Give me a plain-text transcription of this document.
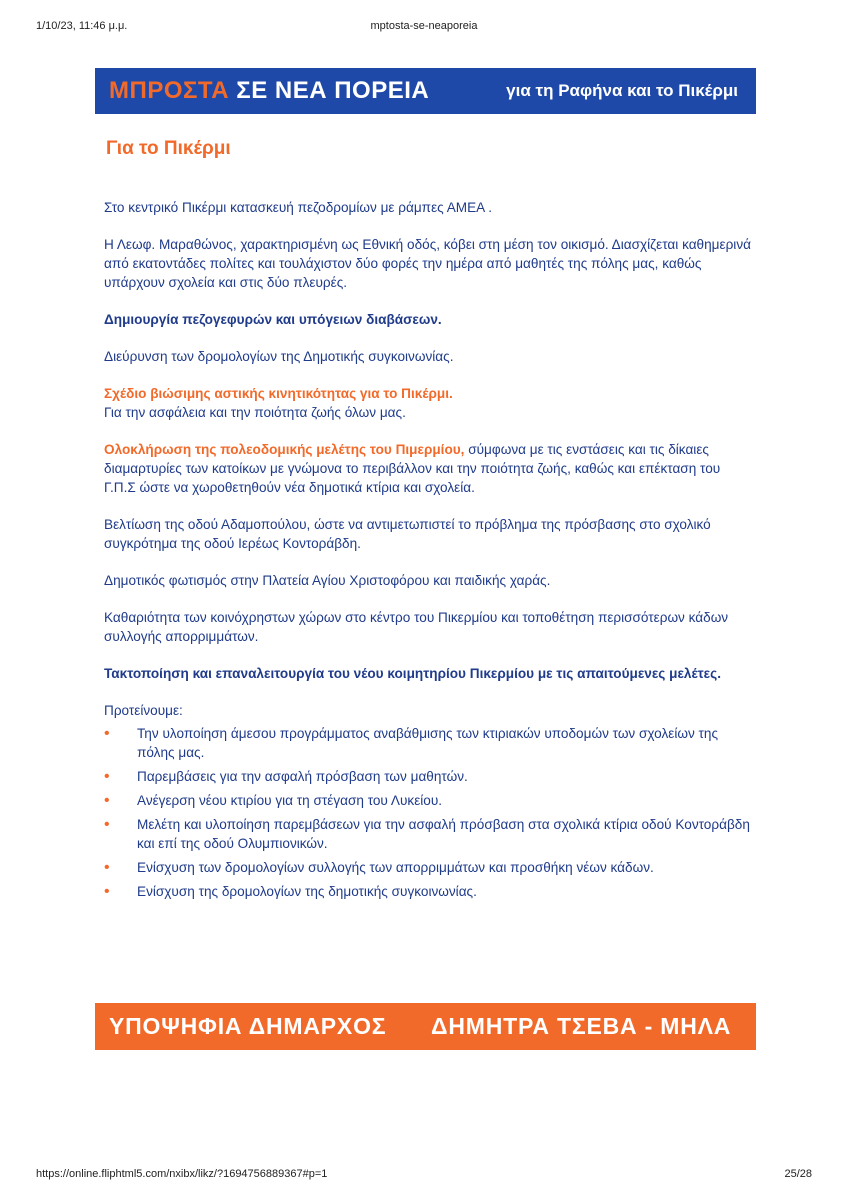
1/10/23, 11:46 μ.μ.	mptosta-se-neaporeia
ΜΠΡΟΣΤΑ ΣΕ ΝΕΑ ΠΟΡΕΙΑ	για τη Ραφήνα και το Πικέρμι
Για το Πικέρμι

Στο κεντρικό Πικέρμι κατασκευή πεζοδρομίων με ράμπες ΑΜΕΑ .

Η Λεωφ. Μαραθώνος, χαρακτηρισμένη ως Εθνική οδός, κόβει στη μέση τον οικισμό. Διασχίζεται καθημερινά από εκατοντάδες πολίτες και τουλάχιστον δύο φορές την ημέρα από μαθητές της πόλης μας, καθώς υπάρχουν σχολεία και στις δύο πλευρές.

Δημιουργία πεζογεφυρών και υπόγειων διαβάσεων.

Διεύρυνση των δρομολογίων της Δημοτικής συγκοινωνίας.

Σχέδιο βιώσιμης αστικής κινητικότητας για το Πικέρμι.
Για την ασφάλεια και την ποιότητα ζωής όλων μας.

Ολοκλήρωση της πολεοδομικής μελέτης του Πιμερμίου, σύμφωνα με τις ενστάσεις και τις δίκαιες διαμαρτυρίες των κατοίκων με γνώμονα το περιβάλλον και την ποιότητα ζωής, καθώς και επέκταση του Γ.Π.Σ ώστε να χωροθετηθούν νέα δημοτικά κτίρια και σχολεία.

Βελτίωση της οδού Αδαμοπούλου, ώστε να αντιμετωπιστεί το πρόβλημα της πρόσβασης στο σχολικό συγκρότημα της οδού Ιερέως Κοντοράβδη.

Δημοτικός φωτισμός στην Πλατεία Αγίου Χριστοφόρου και παιδικής χαράς.

Καθαριότητα των κοινόχρηστων χώρων στο κέντρο του Πικερμίου και τοποθέτηση περισσότερων κάδων συλλογής απορριμμάτων.

Τακτοποίηση και επαναλειτουργία του νέου κοιμητηρίου Πικερμίου με τις απαιτούμενες μελέτες.

Προτείνουμε:
• Την υλοποίηση άμεσου προγράμματος αναβάθμισης των κτιριακών υποδομών των σχολείων της πόλης μας.
• Παρεμβάσεις για την ασφαλή πρόσβαση των μαθητών.
• Ανέγερση νέου κτιρίου για τη στέγαση του Λυκείου.
• Μελέτη και υλοποίηση παρεμβάσεων για την ασφαλή πρόσβαση στα σχολικά κτίρια οδού Κοντοράβδη και επί της οδού Ολυμπιονικών.
• Ενίσχυση των δρομολογίων συλλογής των απορριμμάτων και προσθήκη νέων κάδων.
• Ενίσχυση της δρομολογίων της δημοτικής συγκοινωνίας.
ΥΠΟΨΗΦΙΑ ΔΗΜΑΡΧΟΣ ΔΗΜΗΤΡΑ ΤΣΕΒΑ - ΜΗΛΑ
https://online.fliphtml5.com/nxibx/likz/?1694756889367#p=1	25/28
